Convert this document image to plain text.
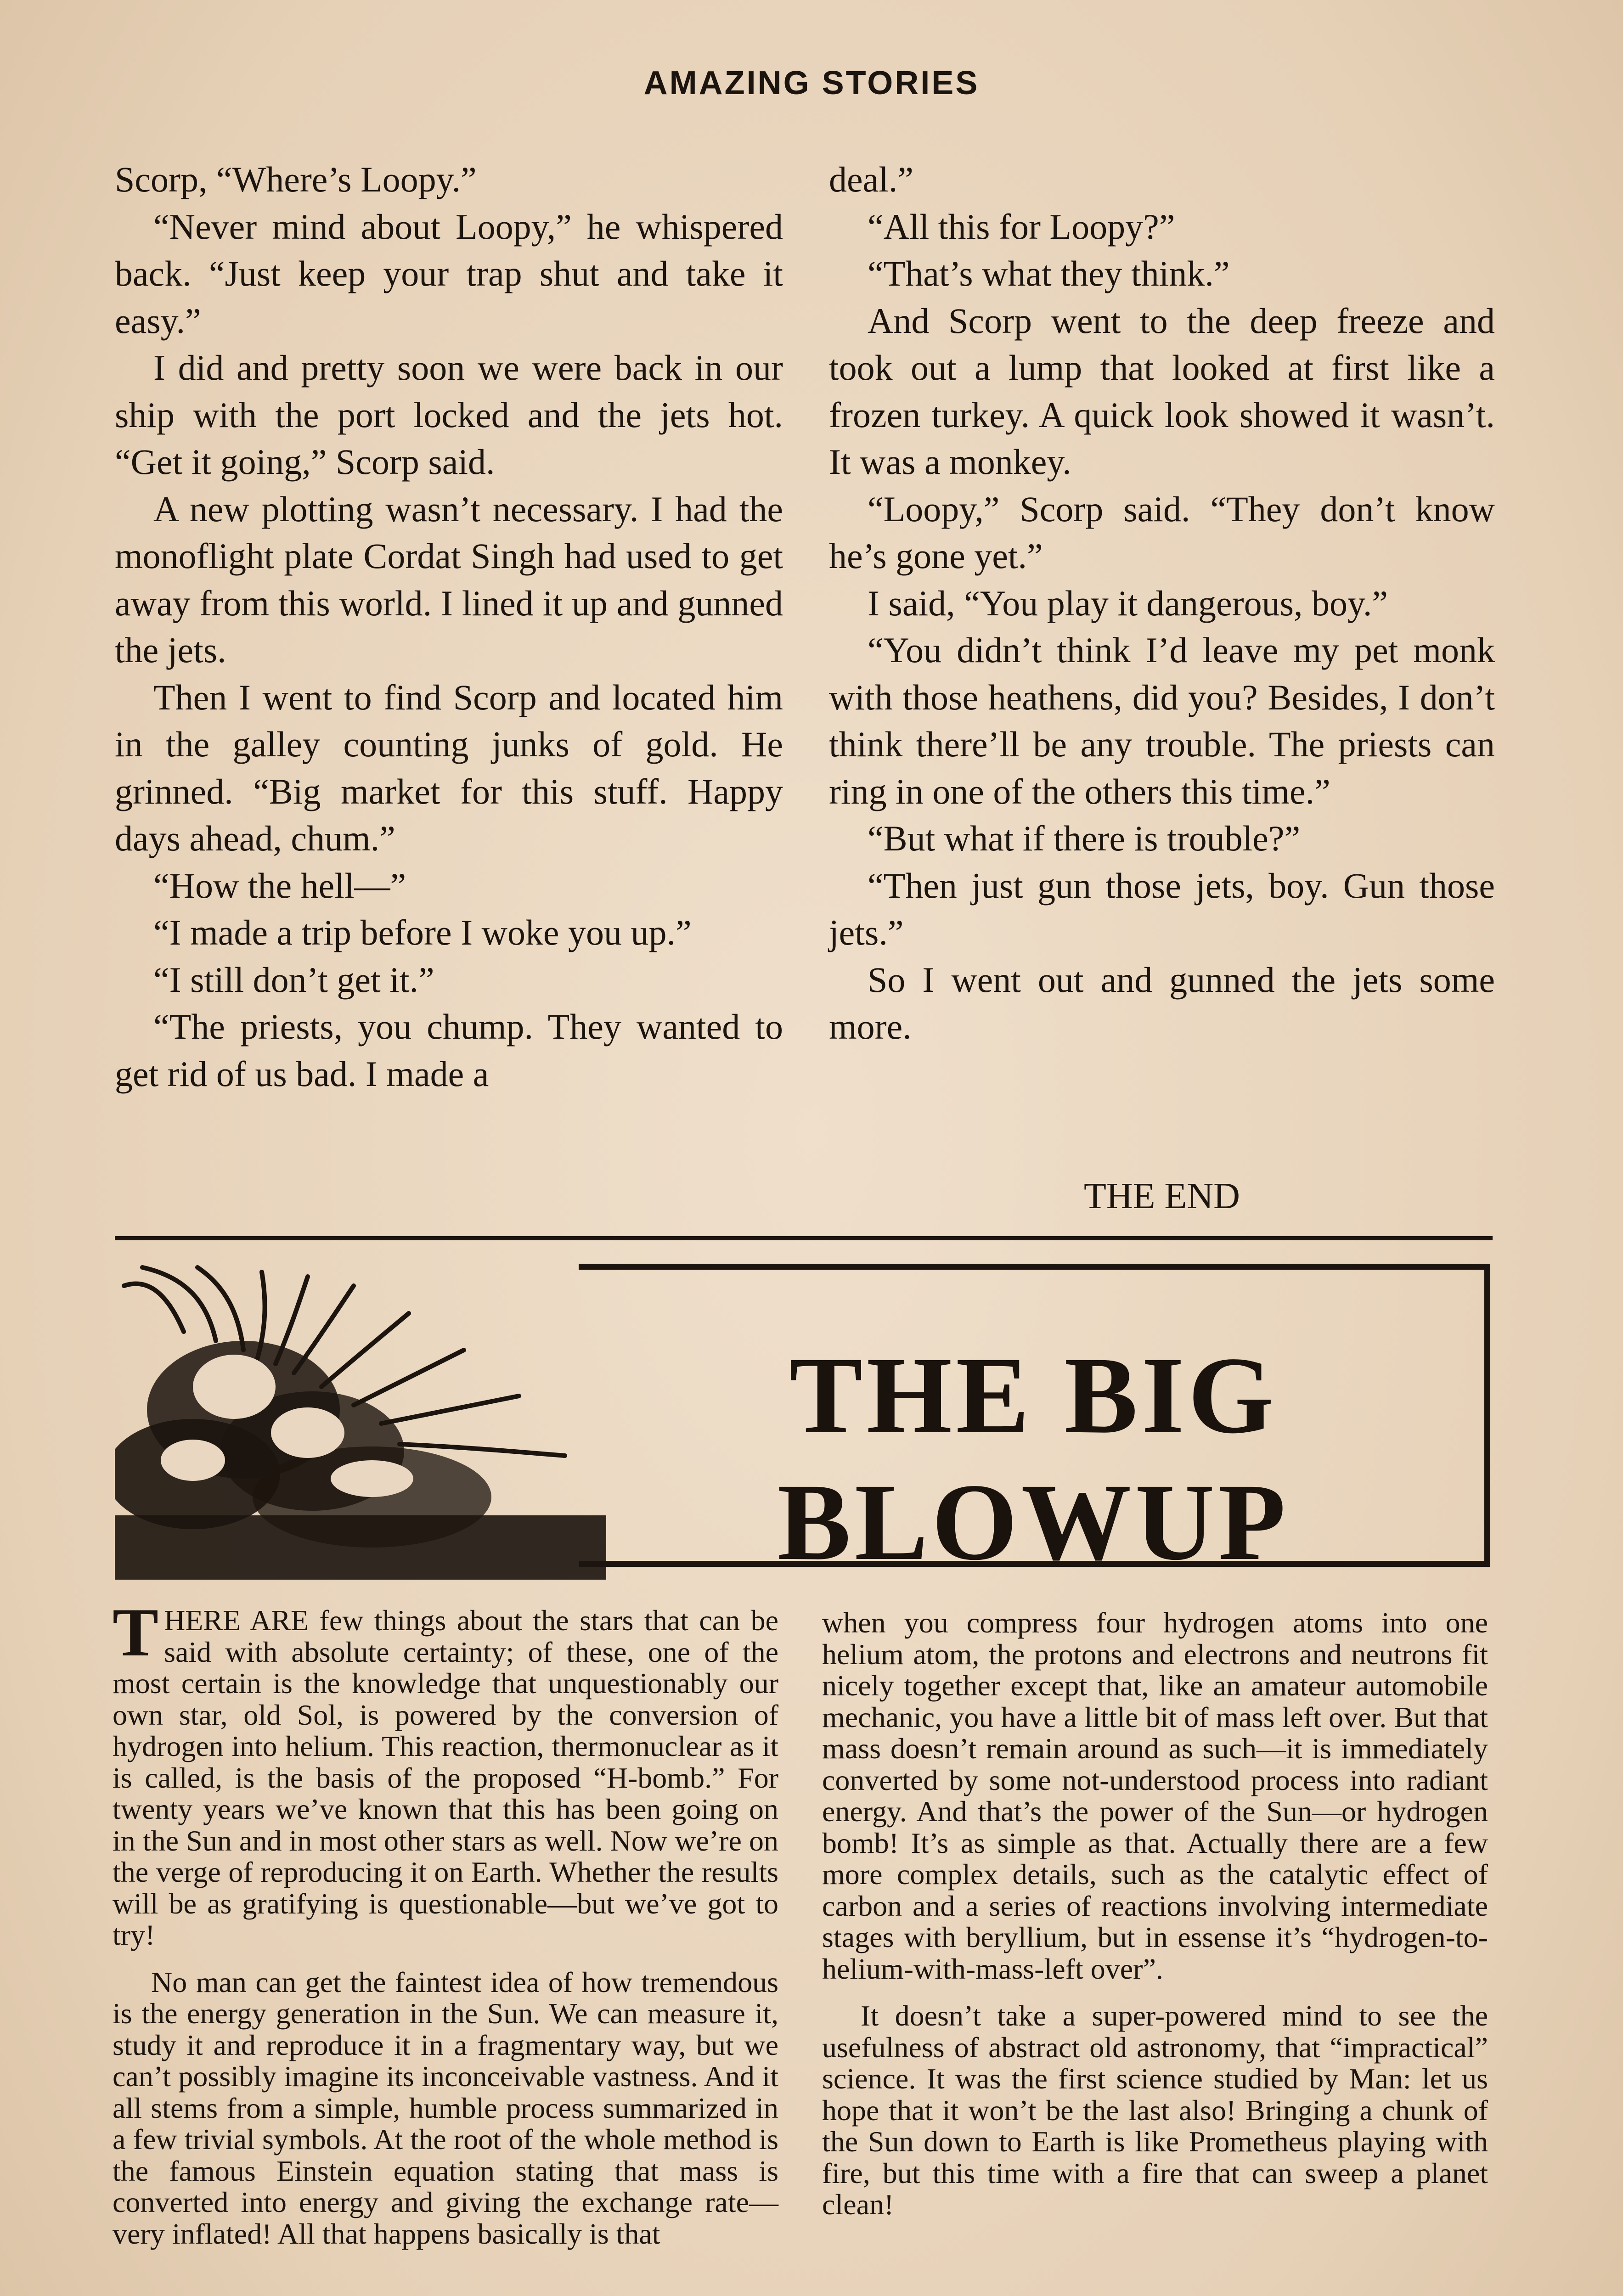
AMAZING STORIES

Scorp, “Where’s Loopy.”

“Never mind about Loopy,” he whispered back. “Just keep your trap shut and take it easy.”

I did and pretty soon we were back in our ship with the port locked and the jets hot. “Get it going,” Scorp said.

A new plotting wasn’t necessary. I had the monoflight plate Cordat Singh had used to get away from this world. I lined it up and gunned the jets.

Then I went to find Scorp and located him in the galley counting junks of gold. He grinned. “Big market for this stuff. Happy days ahead, chum.”

“How the hell—”

“I made a trip before I woke you up.”

“I still don’t get it.”

“The priests, you chump. They wanted to get rid of us bad. I made a

deal.”

“All this for Loopy?”

“That’s what they think.”

And Scorp went to the deep freeze and took out a lump that looked at first like a frozen turkey. A quick look showed it wasn’t. It was a monkey.

“Loopy,” Scorp said. “They don’t know he’s gone yet.”

I said, “You play it dangerous, boy.”

“You didn’t think I’d leave my pet monk with those heathens, did you? Besides, I don’t think there’ll be any trouble. The priests can ring in one of the others this time.”

“But what if there is trouble?”

“Then just gun those jets, boy. Gun those jets.”

So I went out and gunned the jets some more.

THE END
THE BIG BLOWUP
T HERE ARE few things about the stars that can be said with absolute certainty; of these, one of the most certain is the knowledge that unquestionably our own star, old Sol, is powered by the conversion of hydrogen into helium. This reaction, thermonuclear as it is called, is the basis of the proposed “H-bomb.” For twenty years we’ve known that this has been going on in the Sun and in most other stars as well. Now we’re on the verge of reproducing it on Earth. Whether the results will be as gratifying is questionable—but we’ve got to try!

No man can get the faintest idea of how tremendous is the energy generation in the Sun. We can measure it, study it and reproduce it in a fragmentary way, but we can’t possibly imagine its inconceivable vastness. And it all stems from a simple, humble process summarized in a few trivial symbols. At the root of the whole method is the famous Einstein equation stating that mass is converted into energy and giving the exchange rate—very inflated! All that happens basically is that

when you compress four hydrogen atoms into one helium atom, the protons and electrons and neutrons fit nicely together except that, like an amateur automobile mechanic, you have a little bit of mass left over. But that mass doesn’t remain around as such—it is immediately converted by some not-understood process into radiant energy. And that’s the power of the Sun—or hydrogen bomb! It’s as simple as that. Actually there are a few more complex details, such as the catalytic effect of carbon and a series of reactions involving intermediate stages with beryllium, but in essense it’s “hydrogen-to-helium-with-mass-left over”.

It doesn’t take a super-powered mind to see the usefulness of abstract old astronomy, that “impractical” science. It was the first science studied by Man: let us hope that it won’t be the last also! Bringing a chunk of the Sun down to Earth is like Prometheus playing with fire, but this time with a fire that can sweep a planet clean!
